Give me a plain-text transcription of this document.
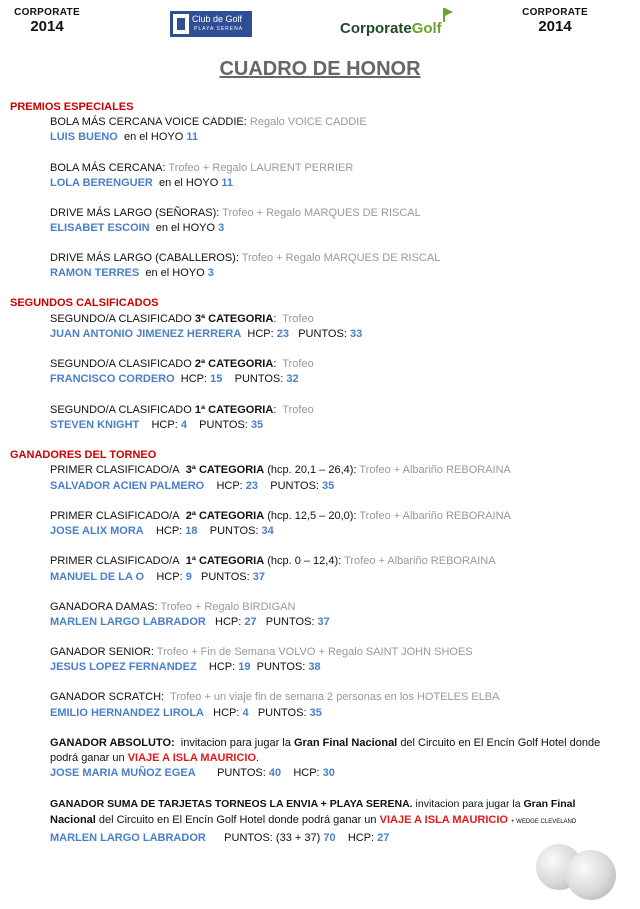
CORPORATE
2014	Club de Golf
PLAYA SERENA	CorporateGolf
CORPORATE
2014
CUADRO DE HONOR
PREMIOS ESPECIALES
BOLA MÁS CERCANA VOICE CADDIE: Regalo VOICE CADDIE
LUIS BUENO en el HOYO 11
BOLA MÁS CERCANA: Trofeo + Regalo LAURENT PERRIER
LOLA BERENGUER en el HOYO 11
DRIVE MÁS LARGO (SEÑORAS): Trofeo + Regalo MARQUES DE RISCAL
ELISABET ESCOIN en el HOYO 3
DRIVE MÁS LARGO (CABALLEROS): Trofeo + Regalo MARQUES DE RISCAL
RAMON TERRES en el HOYO 3
SEGUNDOS CALSIFICADOS
SEGUNDO/A CLASIFICADO 3ª CATEGORIA:  Trofeo
JUAN ANTONIO JIMENEZ HERRERA HCP: 23 PUNTOS: 33
SEGUNDO/A CLASIFICADO 2ª CATEGORIA:  Trofeo
FRANCISCO CORDERO HCP: 15 PUNTOS: 32
SEGUNDO/A CLASIFICADO 1ª CATEGORIA:  Trofeo
STEVEN KNIGHT HCP: 4 PUNTOS: 35
GANADORES DEL TORNEO
PRIMER CLASIFICADO/A 3ª CATEGORIA (hcp. 20,1 – 26,4): Trofeo + Albariño REBORAINA
SALVADOR ACIEN PALMERO HCP: 23 PUNTOS: 35
PRIMER CLASIFICADO/A 2ª CATEGORIA (hcp. 12,5 – 20,0): Trofeo + Albariño REBORAINA
JOSE ALIX MORA HCP: 18 PUNTOS: 34
PRIMER CLASIFICADO/A 1ª CATEGORIA (hcp. 0 – 12,4): Trofeo + Albariño REBORAINA
MANUEL DE LA O HCP: 9 PUNTOS: 37
GANADORA DAMAS: Trofeo + Regalo BIRDIGAN
MARLEN LARGO LABRADOR HCP: 27 PUNTOS: 37
GANADOR SENIOR: Trofeo + Fin de Semana VOLVO + Regalo SAINT JOHN SHOES
JESUS LOPEZ FERNANDEZ HCP: 19 PUNTOS: 38
GANADOR SCRATCH: Trofeo + un viaje fin de semana 2 personas en los HOTELES ELBA
EMILIO HERNANDEZ LIROLA HCP: 4 PUNTOS: 35
GANADOR ABSOLUTO: invitacion para jugar la Gran Final Nacional del Circuito en El Encín Golf Hotel donde
podrá ganar un VIAJE A ISLA MAURICIO.
JOSE MARIA MUÑOZ EGEA PUNTOS: 40 HCP: 30
GANADOR SUMA DE TARJETAS TORNEOS LA ENVIA + PLAYA SERENA. invitacion para jugar la Gran Final
Nacional del Circuito en El Encín Golf Hotel donde podrá ganar un VIAJE A ISLA MAURICIO + WEDGE CLEVELAND
MARLEN LARGO LABRADOR PUNTOS: (33 + 37) 70 HCP: 27
